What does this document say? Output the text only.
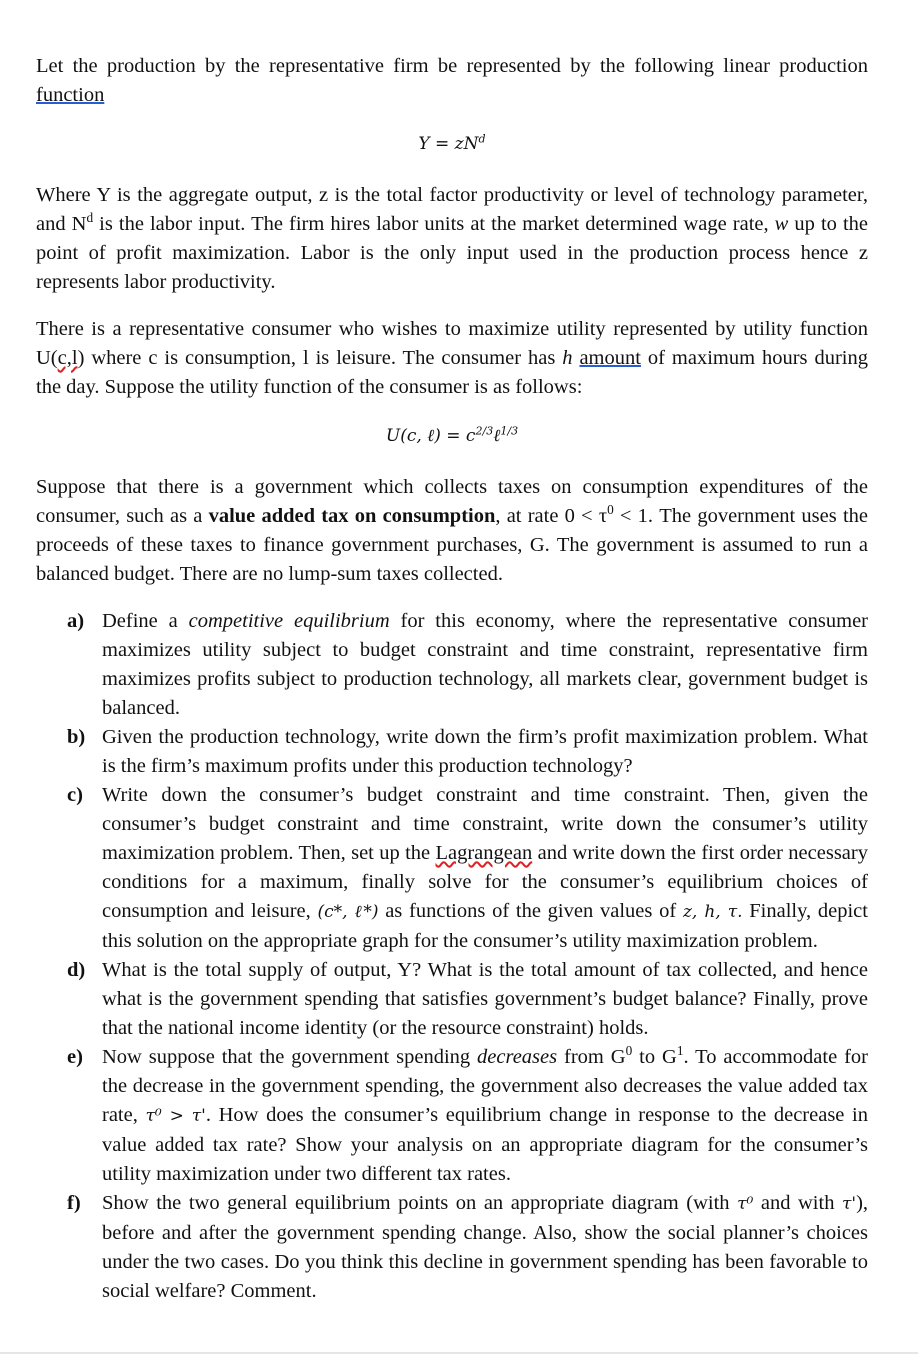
Let the production by the representative firm be represented by the following linear production function

$Y = zN^d$

Where Y is the aggregate output, z is the total factor productivity or level of technology parameter, and $N^d$ is the labor input. The firm hires labor units at the market determined wage rate, w up to the point of profit maximization. Labor is the only input used in the production process hence z represents labor productivity.

There is a representative consumer who wishes to maximize utility represented by utility function U(c,l) where c is consumption, l is leisure. The consumer has h amount of maximum hours during the day. Suppose the utility function of the consumer is as follows:

U(c, ℓ) = $c^{2/3}\ell^{1/3}$

Suppose that there is a government which collects taxes on consumption expenditures of the consumer, such as a value added tax on consumption, at rate $0 < \tau^0 < 1$. The government uses the proceeds of these taxes to finance government purchases, G. The government is assumed to run a balanced budget. There are no lump-sum taxes collected.

a) Define a competitive equilibrium for this economy, where the representative consumer maximizes utility subject to budget constraint and time constraint, representative firm maximizes profits subject to production technology, all markets clear, government budget is balanced.
b) Given the production technology, write down the firm’s profit maximization problem. What is the firm’s maximum profits under this production technology?
c) Write down the consumer’s budget constraint and time constraint. Then, given the consumer’s budget constraint and time constraint, write down the consumer’s utility maximization problem. Then, set up the Lagrangean and write down the first order necessary conditions for a maximum, finally solve for the consumer’s equilibrium choices of consumption and leisure, (c*, ℓ*) as functions of the given values of z, h, τ. Finally, depict this solution on the appropriate graph for the consumer’s utility maximization problem.
d) What is the total supply of output, Y? What is the total amount of tax collected, and hence what is the government spending that satisfies government’s budget balance? Finally, prove that the national income identity (or the resource constraint) holds.
e) Now suppose that the government spending decreases from $G^0$ to $G^1$. To accommodate for the decrease in the government spending, the government also decreases the value added tax rate, τ⁰ > τ'. How does the consumer’s equilibrium change in response to the decrease in value added tax rate? Show your analysis on an appropriate diagram for the consumer’s utility maximization under two different tax rates.
f) Show the two general equilibrium points on an appropriate diagram (with τ⁰ and with τ'), before and after the government spending change. Also, show the social planner’s choices under the two cases. Do you think this decline in government spending has been favorable to social welfare? Comment.
